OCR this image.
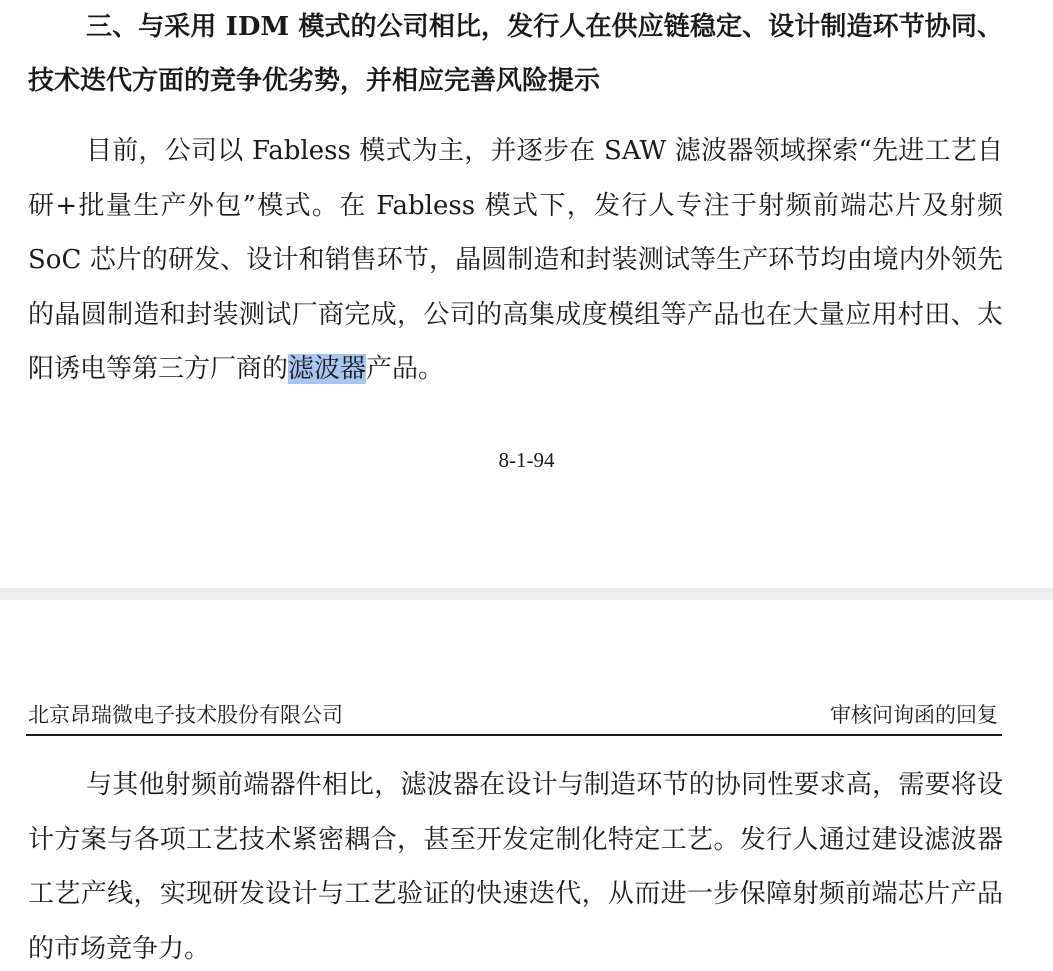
三、与采用 IDM 模式的公司相比，发行人在供应链稳定、设计制造环节协同、技术迭代方面的竞争优劣势，并相应完善风险提示

目前，公司以 Fabless 模式为主，并逐步在 SAW 滤波器领域探索“先进工艺自研+批量生产外包”模式。在 Fabless 模式下，发行人专注于射频前端芯片及射频 SoC 芯片的研发、设计和销售环节，晶圆制造和封装测试等生产环节均由境内外领先的晶圆制造和封装测试厂商完成，公司的高集成度模组等产品也在大量应用村田、太阳诱电等第三方厂商的滤波器产品。

8-1-94
北京昂瑞微电子技术股份有限公司	审核问询函的回复

与其他射频前端器件相比，滤波器在设计与制造环节的协同性要求高，需要将设计方案与各项工艺技术紧密耦合，甚至开发定制化特定工艺。发行人通过建设滤波器工艺产线，实现研发设计与工艺验证的快速迭代，从而进一步保障射频前端芯片产品的市场竞争力。
